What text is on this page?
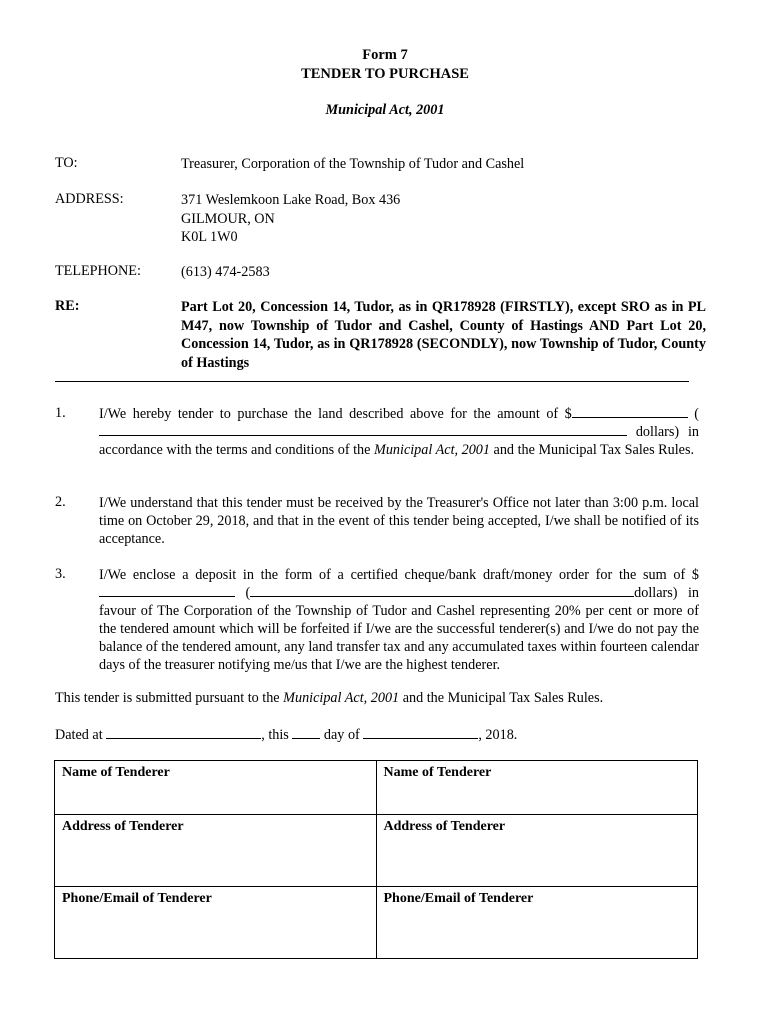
Form 7
TENDER TO PURCHASE
Municipal Act, 2001
TO:	Treasurer, Corporation of the Township of Tudor and Cashel
ADDRESS:	371 Weslemkoon Lake Road, Box 436
GILMOUR, ON
K0L 1W0
TELEPHONE:	(613) 474-2583
RE:	Part Lot 20, Concession 14, Tudor, as in QR178928 (FIRSTLY), except SRO as in PL M47, now Township of Tudor and Cashel, County of Hastings AND Part Lot 20, Concession 14, Tudor, as in QR178928 (SECONDLY), now Township of Tudor, County of Hastings
1. I/We hereby tender to purchase the land described above for the amount of $	( dollars) in accordance with the terms and conditions of the Municipal Act, 2001 and the Municipal Tax Sales Rules.
2. I/We understand that this tender must be received by the Treasurer's Office not later than 3:00 p.m. local time on October 29, 2018, and that in the event of this tender being accepted, I/we shall be notified of its acceptance.
3. I/We enclose a deposit in the form of a certified cheque/bank draft/money order for the sum of $ (	dollars) in favour of The Corporation of the Township of Tudor and Cashel representing 20% per cent or more of the tendered amount which will be forfeited if I/we are the successful tenderer(s) and I/we do not pay the balance of the tendered amount, any land transfer tax and any accumulated taxes within fourteen calendar days of the treasurer notifying me/us that I/we are the highest tenderer.
This tender is submitted pursuant to the Municipal Act, 2001 and the Municipal Tax Sales Rules.
Dated at	, this  day of	, 2018.
Name of Tenderer	Name of Tenderer
Address of Tenderer	Address of Tenderer
Phone/Email of Tenderer	Phone/Email of Tenderer
